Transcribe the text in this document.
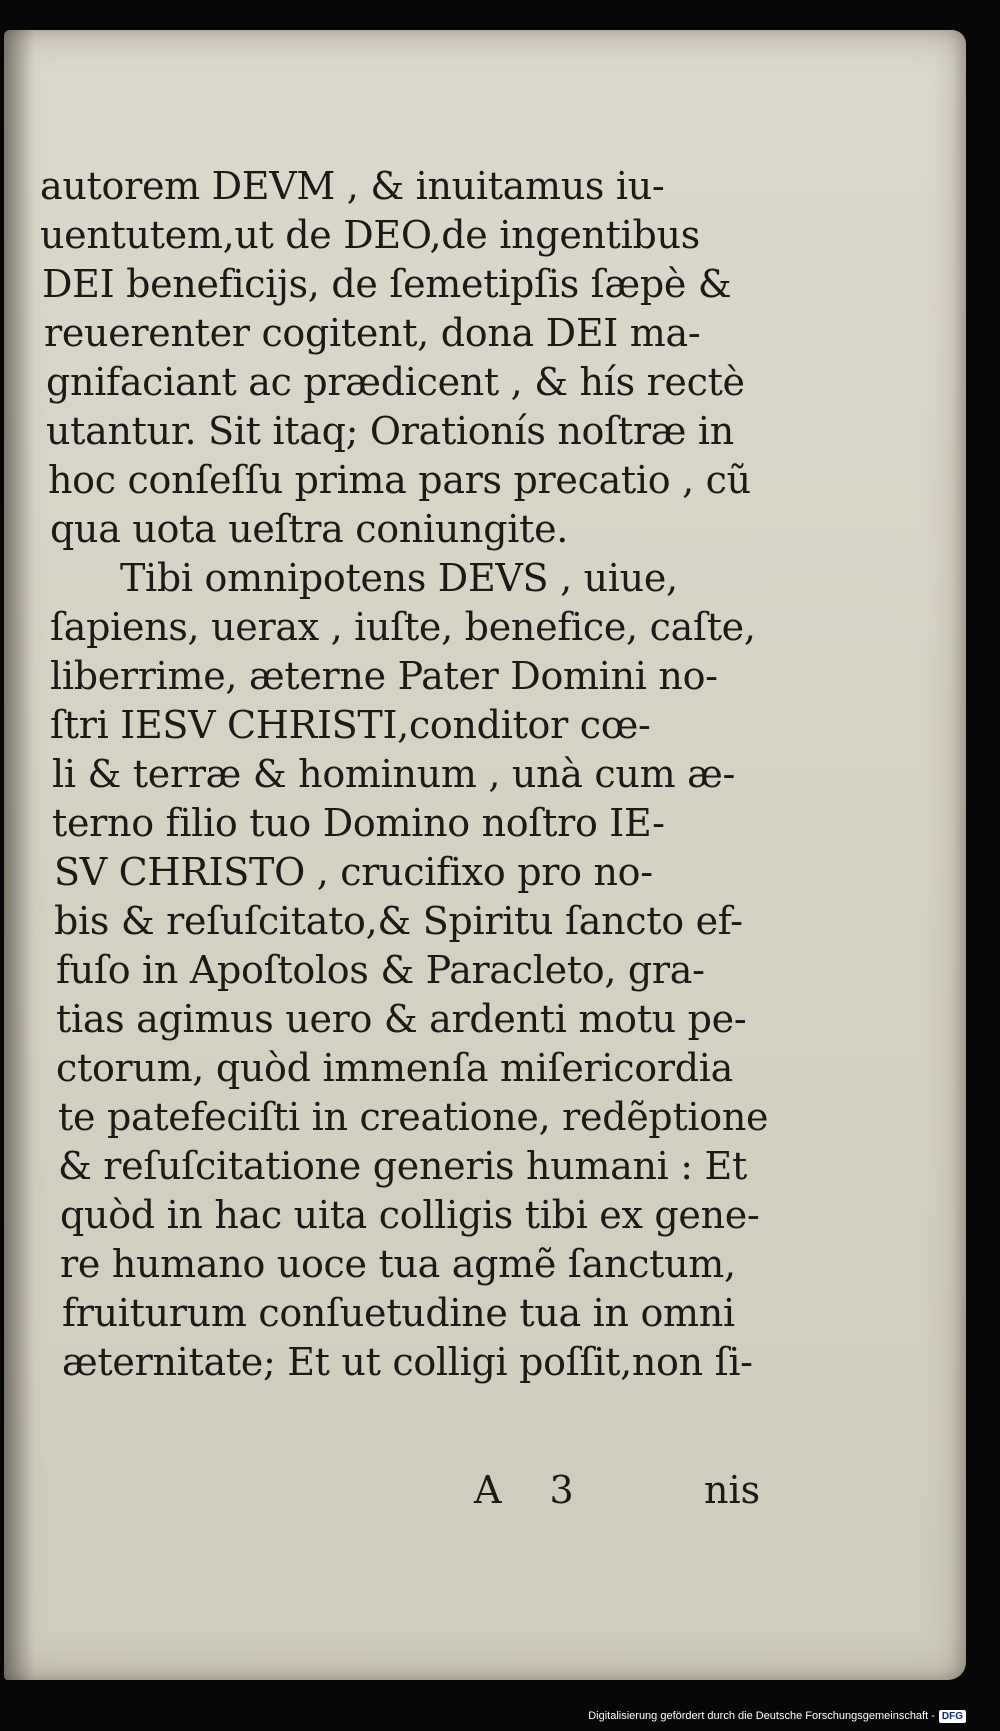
autorem DEVM , & inuitamus iu-
uentutem,ut de DEO,de ingentibus
DEI beneficijs, de ſemetipſis ſæpè &
reuerenter cogitent, dona DEI ma-
gnifaciant ac prædicent , & hís rectè
utantur. Sit itaq; Orationís noſtræ in
hoc conſeſſu prima pars precatio , cũ
qua uota ueſtra coniungite.
Tibi omnipotens DEVS , uiue,
ſapiens, uerax , iuſte, benefice, caſte,
liberrime, æterne Pater Domini no-
ſtri IESV CHRISTI,conditor cœ-
li & terræ & hominum , unà cum æ-
terno filio tuo Domino noſtro IE-
SV CHRISTO , crucifixo pro no-
bis & reſuſcitato,& Spiritu ſancto ef-
fuſo in Apoſtolos & Paracleto, gra-
tias agimus uero & ardenti motu pe-
ctorum, quòd immenſa miſericordia
te patefeciſti in creatione, redẽptione
& reſuſcitatione generis humani : Et
quòd in hac uita colligis tibi ex gene-
re humano uoce tua agmẽ ſanctum,
fruiturum conſuetudine tua in omni
æternitate; Et ut colligi poſſit,non ſi-
A 3	nis
Digitalisierung gefördert durch die Deutsche Forschungsgemeinschaft - DFG
